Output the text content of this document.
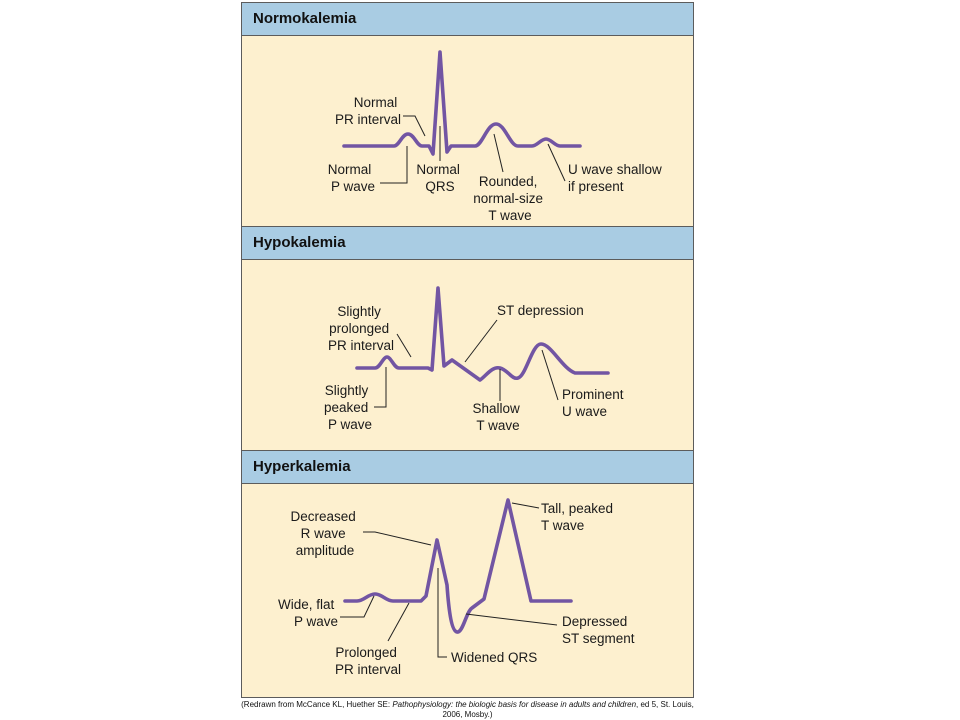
Normokalemia
Hypokalemia
Hyperkalemia
Normal PR interval
Normal P wave
Normal QRS	Rounded, normal-size T wave
U wave shallow if present
Slightly prolonged PR interval
Slightly peaked P wave
ST depression
Shallow T wave
Prominent U wave
Decreased R wave amplitude
Tall, peaked T wave
Wide, flat P wave	Depressed ST segment
Prolonged PR interval
Widened QRS
(Redrawn from McCance KL, Huether SE: Pathophysiology: the biologic basis for disease in adults and children, ed 5, St. Louis, 2006, Mosby.)
